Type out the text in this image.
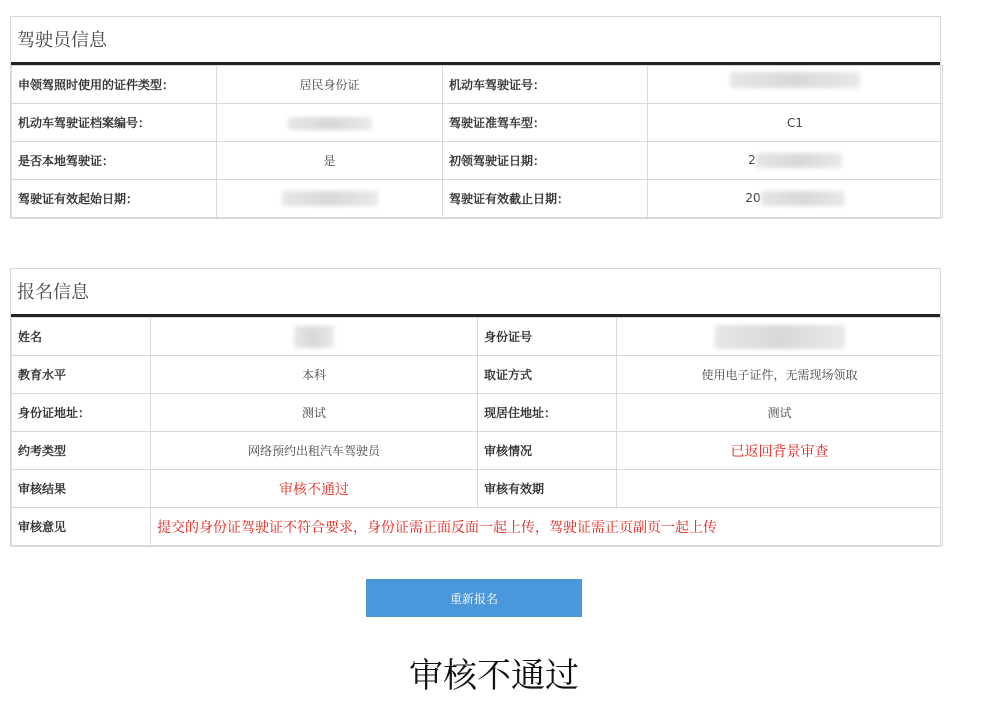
驾驶员信息
申领驾照时使用的证件类型：	居民身份证	机动车驾驶证号：	
机动车驾驶证档案编号：		驾驶证准驾车型：	C1
是否本地驾驶证：	是	初领驾驶证日期：	2
驾驶证有效起始日期：		驾驶证有效截止日期：	20
报名信息
姓名		身份证号	
教育水平	本科	取证方式	使用电子证件，无需现场领取
身份证地址：	测试	现居住地址：	测试
约考类型	网络预约出租汽车驾驶员	审核情况	已返回背景审查
审核结果	审核不通过	审核有效期	
审核意见	提交的身份证驾驶证不符合要求，身份证需正面反面一起上传，驾驶证需正页副页一起上传		
重新报名
审核不通过
